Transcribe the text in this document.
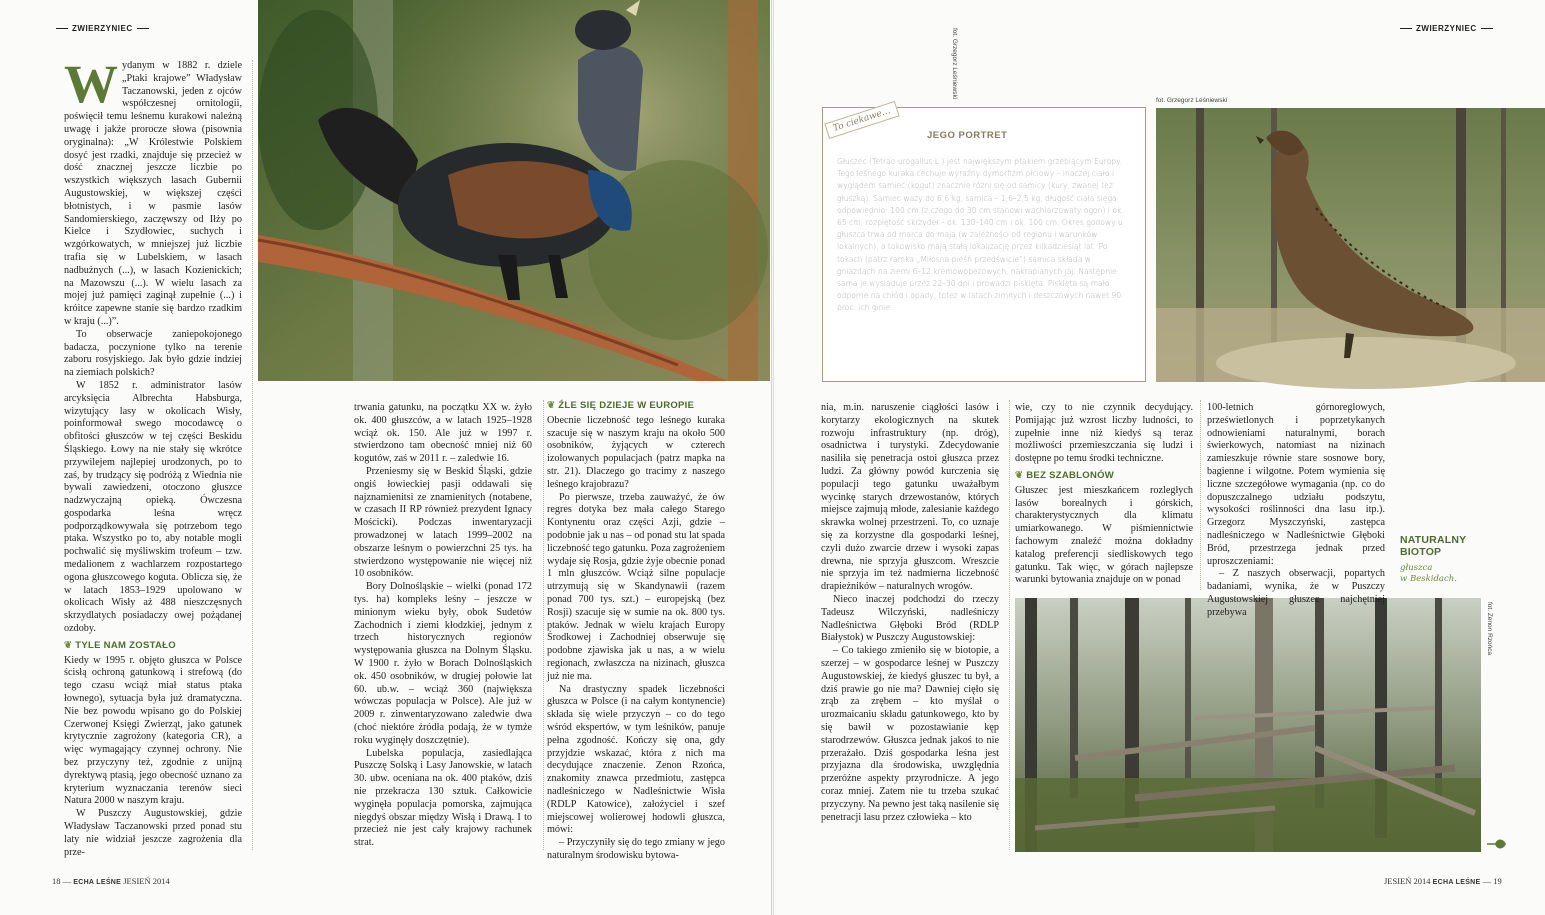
ZWIERZYNIEC	ZWIERZYNIEC
fot. Grzegorz Leśniewski
fot. Grzegorz Leśniewski
fot. Zenon Rzońca
To ciekawe…
JEGO PORTRET
Głuszec (Tetrao urogallus L.) jest największym ptakiem grzebiącym Europy. Tego leśnego kuraka cechuje wyraźny dymorfizm płciowy – inaczej ciało i wyglądem samiec (kogut) znacznie różni się od samicy (kury, zwanej też głuszką). Samiec waży do 6,6 kg, samica – 1,6–2,5 kg, długość ciała sięga odpowiednio: 100 cm (z czego do 30 cm stanowi wachlarzowaty ogon) i ok. 65 cm, rozpiętość skrzydeł – ok. 130–140 cm i ok. 100 cm. Okres godowy u głuszca trwa od marca do maja (w zależności od regionu i warunków lokalnych), a tokowisko mają stałą lokalizację przez kilkadziesiąt lat. Po tokach (patrz ramka „Miłosna pieśń przedświcie”) samica składa w gniazdach na ziemi 6–12 kremowobeżowych, nakrapianych jaj. Następnie sama je wysiaduje przez 22–30 dni i prowadzi pisklęta. Pisklęta są mało odporne na chłód i opady, toteż w latach zimnych i deszczowych nawet 90 proc. ich ginie.

Wydanym w 1882 r. dziele „Ptaki krajowe” Władysław Taczanowski, jeden z ojców współczesnej ornitologii, poświęcił temu leśnemu kurakowi należną uwagę i jakże prorocze słowa (pisownia oryginalna): „W Królestwie Polskiem dosyć jest rzadki, znajduje się przecież w dość znacznej jeszcze liczbie po wszystkich większych lasach Gubernii Augustowskiej, w większej części błotnistych, i w pasmie lasów Sandomierskiego, zaczęwszy od Iłży po Kielce i Szydłowiec, suchych i wzgórkowatych, w mniejszej już liczbie trafia się w Lubelskiem, w lasach nadbużnych (...), w lasach Kozienickich; na Mazowszu (...). W wielu lasach za mojej już pamięci zaginął zupełnie (...) i króitce zapewne stanie się bardzo rzadkim w kraju (...)”.

To obserwacje zaniepokojonego badacza, poczynione tylko na terenie zaboru rosyjskiego. Jak było gdzie indziej na ziemiach polskich?

W 1852 r. administrator lasów arcyksięcia Albrechta Habsburga, wizytujący lasy w okolicach Wisły, poinformował swego mocodawcę o obfitości głuszców w tej części Beskidu Śląskiego. Łowy na nie stały się wkrótce przywilejem najlepiej urodzonych, po to zaś, by trudzący się podróżą z Wiednia nie bywali zawiedzeni, otoczono głuszce nadzwyczajną opieką. Ówczesna gospodarka leśna wręcz podporządkowywała się potrzebom tego ptaka. Wszystko po to, aby notable mogli pochwalić się myśliwskim trofeum – tzw. medalionem z wachlarzem rozpostartego ogona głuszcowego koguta. Oblicza się, że w latach 1853–1929 upolowano w okolicach Wisły aż 488 nieszczęsnych skrzydlatych posiadaczy owej pożądanej ozdoby.

❦ TYLE NAM ZOSTAŁO

Kiedy w 1995 r. objęto głuszca w Polsce ścisłą ochroną gatunkową i strefową (do tego czasu wciąż miał status ptaka łownego), sytuacja była już dramatyczna. Nie bez powodu wpisano go do Polskiej Czerwonej Księgi Zwierząt, jako gatunek krytycznie zagrożony (kategoria CR), a więc wymagający czynnej ochrony. Nie bez przyczyny też, zgodnie z unijną dyrektywą ptasią, jego obecność uznano za kryterium wyznaczania terenów sieci Natura 2000 w naszym kraju.

W Puszczy Augustowskiej, gdzie Władysław Taczanowski przed ponad stu laty nie widział jeszcze zagrożenia dla prze-

trwania gatunku, na początku XX w. żyło ok. 400 głuszców, a w latach 1925–1928 wciąż ok. 150. Ale już w 1997 r. stwierdzono tam obecność mniej niż 60 kogutów, zaś w 2011 r. – zaledwie 16.

Przeniesmy się w Beskid Śląski, gdzie ongiś łowieckiej pasji oddawali się najznamienitsi ze znamienitych (notabene, w czasach II RP również prezydent Ignacy Mościcki). Podczas inwentaryzacji prowadzonej w latach 1999–2002 na obszarze leśnym o powierzchni 25 tys. ha stwierdzono występowanie nie więcej niż 10 osobników.

Bory Dolnośląskie – wielki (ponad 172 tys. ha) kompleks leśny – jeszcze w minionym wieku były, obok Sudetów Zachodnich i ziemi kłodzkiej, jednym z trzech historycznych regionów występowania głuszca na Dolnym Śląsku. W 1900 r. żyło w Borach Dolnośląskich ok. 450 osobników, w drugiej połowie lat 60. ub.w. – wciąż 360 (największa wówczas populacja w Polsce). Ale już w 2009 r. zinwentaryzowano zaledwie dwa (choć niektóre źródła podają, że w tymże roku wyginęły doszczętnie).

Lubelska populacja, zasiedlająca Puszczę Solską i Lasy Janowskie, w latach 30. ubw. oceniana na ok. 400 ptaków, dziś nie przekracza 130 sztuk. Całkowicie wyginęła populacja pomorska, zajmująca niegdyś obszar między Wisłą i Drawą. I to przecież nie jest cały krajowy rachunek strat.

❦ ŹLE SIĘ DZIEJE W EUROPIE

Obecnie liczebność tego leśnego kuraka szacuje się w naszym kraju na około 500 osobników, żyjących w czterech izolowanych populacjach (patrz mapka na str. 21). Dlaczego go tracimy z naszego leśnego krajobrazu?

Po pierwsze, trzeba zauważyć, że ów regres dotyka bez mała całego Starego Kontynentu oraz części Azji, gdzie – podobnie jak u nas – od ponad stu lat spada liczebność tego gatunku. Poza zagrożeniem wydaje się Rosja, gdzie żyje obecnie ponad 1 mln głuszców. Wciąż silne populacje utrzymują się w Skandynawii (razem ponad 700 tys. szt.) – europejską (bez Rosji) szacuje się w sumie na ok. 800 tys. ptaków. Jednak w wielu krajach Europy Środkowej i Zachodniej obserwuje się podobne zjawiska jak u nas, a w wielu regionach, zwłaszcza na nizinach, głuszca już nie ma.

Na drastyczny spadek liczebności głuszca w Polsce (i na całym kontynencie) składa się wiele przyczyn – co do tego wśród ekspertów, w tym leśników, panuje pełna zgodność. Kończy się ona, gdy przyjdzie wskazać, która z nich ma decydujące znaczenie. Zenon Rzońca, znakomity znawca przedmiotu, zastępca nadleśniczego w Nadleśnictwie Wisła (RDLP Katowice), założyciel i szef miejscowej wolierowej hodowli głuszca, mówi:

– Przyczyniły się do tego zmiany w jego naturalnym środowisku bytowa-

nia, m.in. naruszenie ciągłości lasów i korytarzy ekologicznych na skutek rozwoju infrastruktury (np. dróg), osadnictwa i turystyki. Zdecydowanie nasiliła się penetracja ostoi głuszca przez ludzi. Za główny powód kurczenia się populacji tego gatunku uważałbym wycinkę starych drzewostanów, których miejsce zajmują młode, zalesianie każdego skrawka wolnej przestrzeni. To, co uznaje się za korzystne dla gospodarki leśnej, czyli dużo zwarcie drzew i wysoki zapas drewna, nie sprzyja głuszcom. Wreszcie nie sprzyja im też nadmierna liczebność drapieżników – naturalnych wrogów.

Nieco inaczej podchodzi do rzeczy Tadeusz Wilczyński, nadleśniczy Nadleśnictwa Głęboki Bród (RDLP Białystok) w Puszczy Augustowskiej:

– Co takiego zmieniło się w biotopie, a szerzej – w gospodarce leśnej w Puszczy Augustowskiej, że kiedyś głuszec tu był, a dziś prawie go nie ma? Dawniej cięło się zrąb za zrębem – kto myślał o urozmaicaniu składu gatunkowego, kto by się bawił w pozostawianie kęp starodrzewów. Głuszca jednak jakoś to nie przerażało. Dziś gospodarka leśna jest przyjazna dla środowiska, uwzględnia przeróżne aspekty przyrodnicze. A jego coraz mniej. Zatem nie tu trzeba szukać przyczyny. Na pewno jest taką nasilenie się penetracji lasu przez człowieka – kto

wie, czy to nie czynnik decydujący. Pomijając już wzrost liczby ludności, to zupełnie inne niż kiedyś są teraz możliwości przemieszczania się ludzi i dostępne po temu środki techniczne.

❦ BEZ SZABLONÓW

Głuszec jest mieszkańcem rozległych lasów borealnych i górskich, charakterystycznych dla klimatu umiarkowanego. W piśmiennictwie fachowym znaleźć można dokładny katalog preferencji siedliskowych tego gatunku. Tak więc, w górach najlepsze warunki bytowania znajduje on w ponad

100-letnich górnoreglowych, prześwietlonych i poprzetykanych odnowieniami naturalnymi, borach świerkowych, natomiast na nizinach zamieszkuje równie stare sosnowe bory, bagienne i wilgotne. Potem wymienia się liczne szczegółowe wymagania (np. co do dopuszczalnego udziału podszytu, wysokości roślinności dna lasu itp.). Grzegorz Myszczyński, zastępca nadleśniczego w Nadleśnictwie Głęboki Bród, przestrzega jednak przed uproszczeniami:

– Z naszych obserwacji, popartych badaniami, wynika, że w Puszczy Augustowskiej głuszec najchętniej przebywa

NATURALNY
BIOTOP
głuszca
w Beskidach.
18 — ECHA LEŚNE JESIEŃ 2014	JESIEŃ 2014 ECHA LEŚNE — 19
